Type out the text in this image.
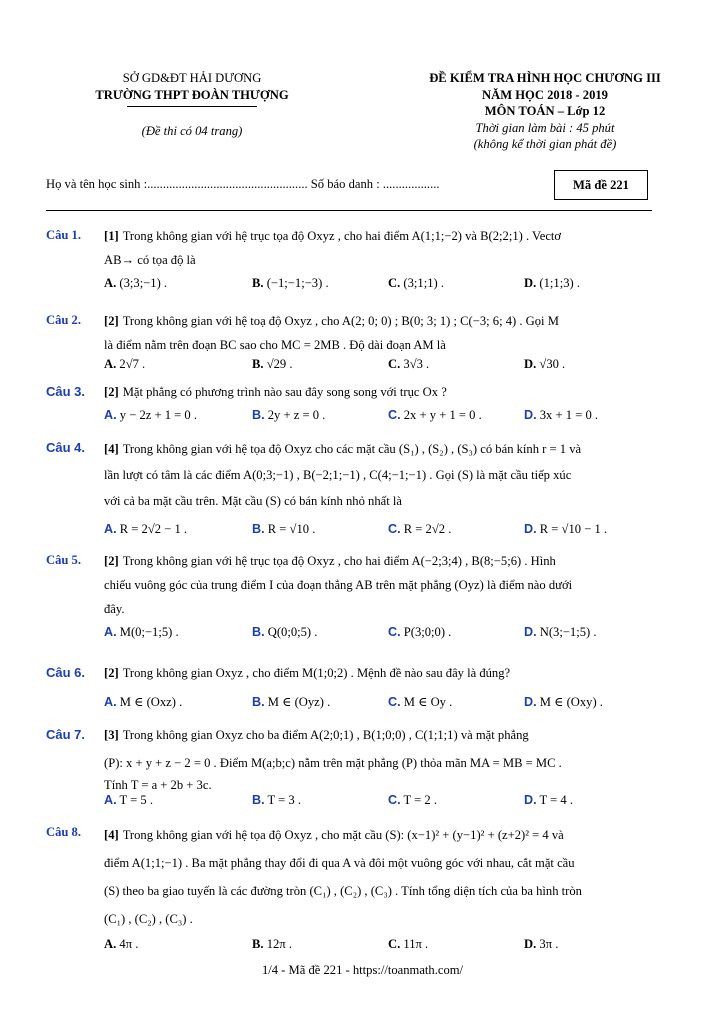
SỞ GD&ĐT HẢI DƯƠNG
TRƯỜNG THPT ĐOÀN THƯỢNG
(Đề thi có 04 trang)
ĐỀ KIỂM TRA HÌNH HỌC CHƯƠNG III
NĂM HỌC 2018 - 2019
MÔN TOÁN – Lớp 12
Thời gian làm bài : 45 phút
(không kể thời gian phát đề)
Họ và tên học sinh :................................................... Số báo danh : ..................	Mã đề 221
Câu 1. [1] Trong không gian với hệ trục tọa độ Oxyz , cho hai điểm A(1;1;−2) và B(2;2;1) . Vectơ
AB→ có tọa độ là
A. (3;3;−1) .	B. (−1;−1;−3) .	C. (3;1;1) .	D. (1;1;3) .
Câu 2. [2] Trong không gian với hệ toạ độ Oxyz , cho A(2; 0; 0) ; B(0; 3; 1) ; C(−3; 6; 4) . Gọi M
là điểm nằm trên đoạn BC sao cho MC = 2MB . Độ dài đoạn AM là
A. 2√7 .	B. √29 .	C. 3√3 .	D. √30 .
Câu 3. [2] Mặt phẳng có phương trình nào sau đây song song với trục Ox ?
A. y − 2z + 1 = 0 .	B. 2y + z = 0 .	C. 2x + y + 1 = 0 .	D. 3x + 1 = 0 .
Câu 4. [4] Trong không gian với hệ tọa độ Oxyz cho các mặt cầu (S₁) , (S₂) , (S₃) có bán kính r = 1 và
lần lượt có tâm là các điểm A(0;3;−1) , B(−2;1;−1) , C(4;−1;−1) . Gọi (S) là mặt cầu tiếp xúc
với cả ba mặt cầu trên. Mặt cầu (S) có bán kính nhỏ nhất là
A. R = 2√2 − 1 .	B. R = √10 .	C. R = 2√2 .	D. R = √10 − 1 .
Câu 5. [2] Trong không gian với hệ trục tọa độ Oxyz , cho hai điểm A(−2;3;4) , B(8;−5;6) . Hình
chiếu vuông góc của trung điểm I của đoạn thẳng AB trên mặt phẳng (Oyz) là điểm nào dưới
đây.
A. M(0;−1;5) .	B. Q(0;0;5) .	C. P(3;0;0) .	D. N(3;−1;5) .
Câu 6. [2] Trong không gian Oxyz , cho điểm M(1;0;2) . Mệnh đề nào sau đây là đúng?
A. M ∈ (Oxz) .	B. M ∈ (Oyz) .	C. M ∈ Oy .	D. M ∈ (Oxy) .
Câu 7. [3] Trong không gian Oxyz cho ba điểm A(2;0;1) , B(1;0;0) , C(1;1;1) và mặt phẳng
(P): x + y + z − 2 = 0 . Điểm M(a;b;c) nằm trên mặt phẳng (P) thỏa mãn MA = MB = MC .
Tính T = a + 2b + 3c.
A. T = 5 .	B. T = 3 .	C. T = 2 .	D. T = 4 .
Câu 8. [4] Trong không gian với hệ tọa độ Oxyz , cho mặt cầu (S): (x−1)² + (y−1)² + (z+2)² = 4 và
điểm A(1;1;−1) . Ba mặt phẳng thay đổi đi qua A và đôi một vuông góc với nhau, cắt mặt cầu
(S) theo ba giao tuyến là các đường tròn (C₁) , (C₂) , (C₃) . Tính tổng diện tích của ba hình tròn
(C₁) , (C₂) , (C₃) .
A. 4π .	B. 12π .	C. 11π .	D. 3π .
1/4 - Mã đề 221 - https://toanmath.com/
